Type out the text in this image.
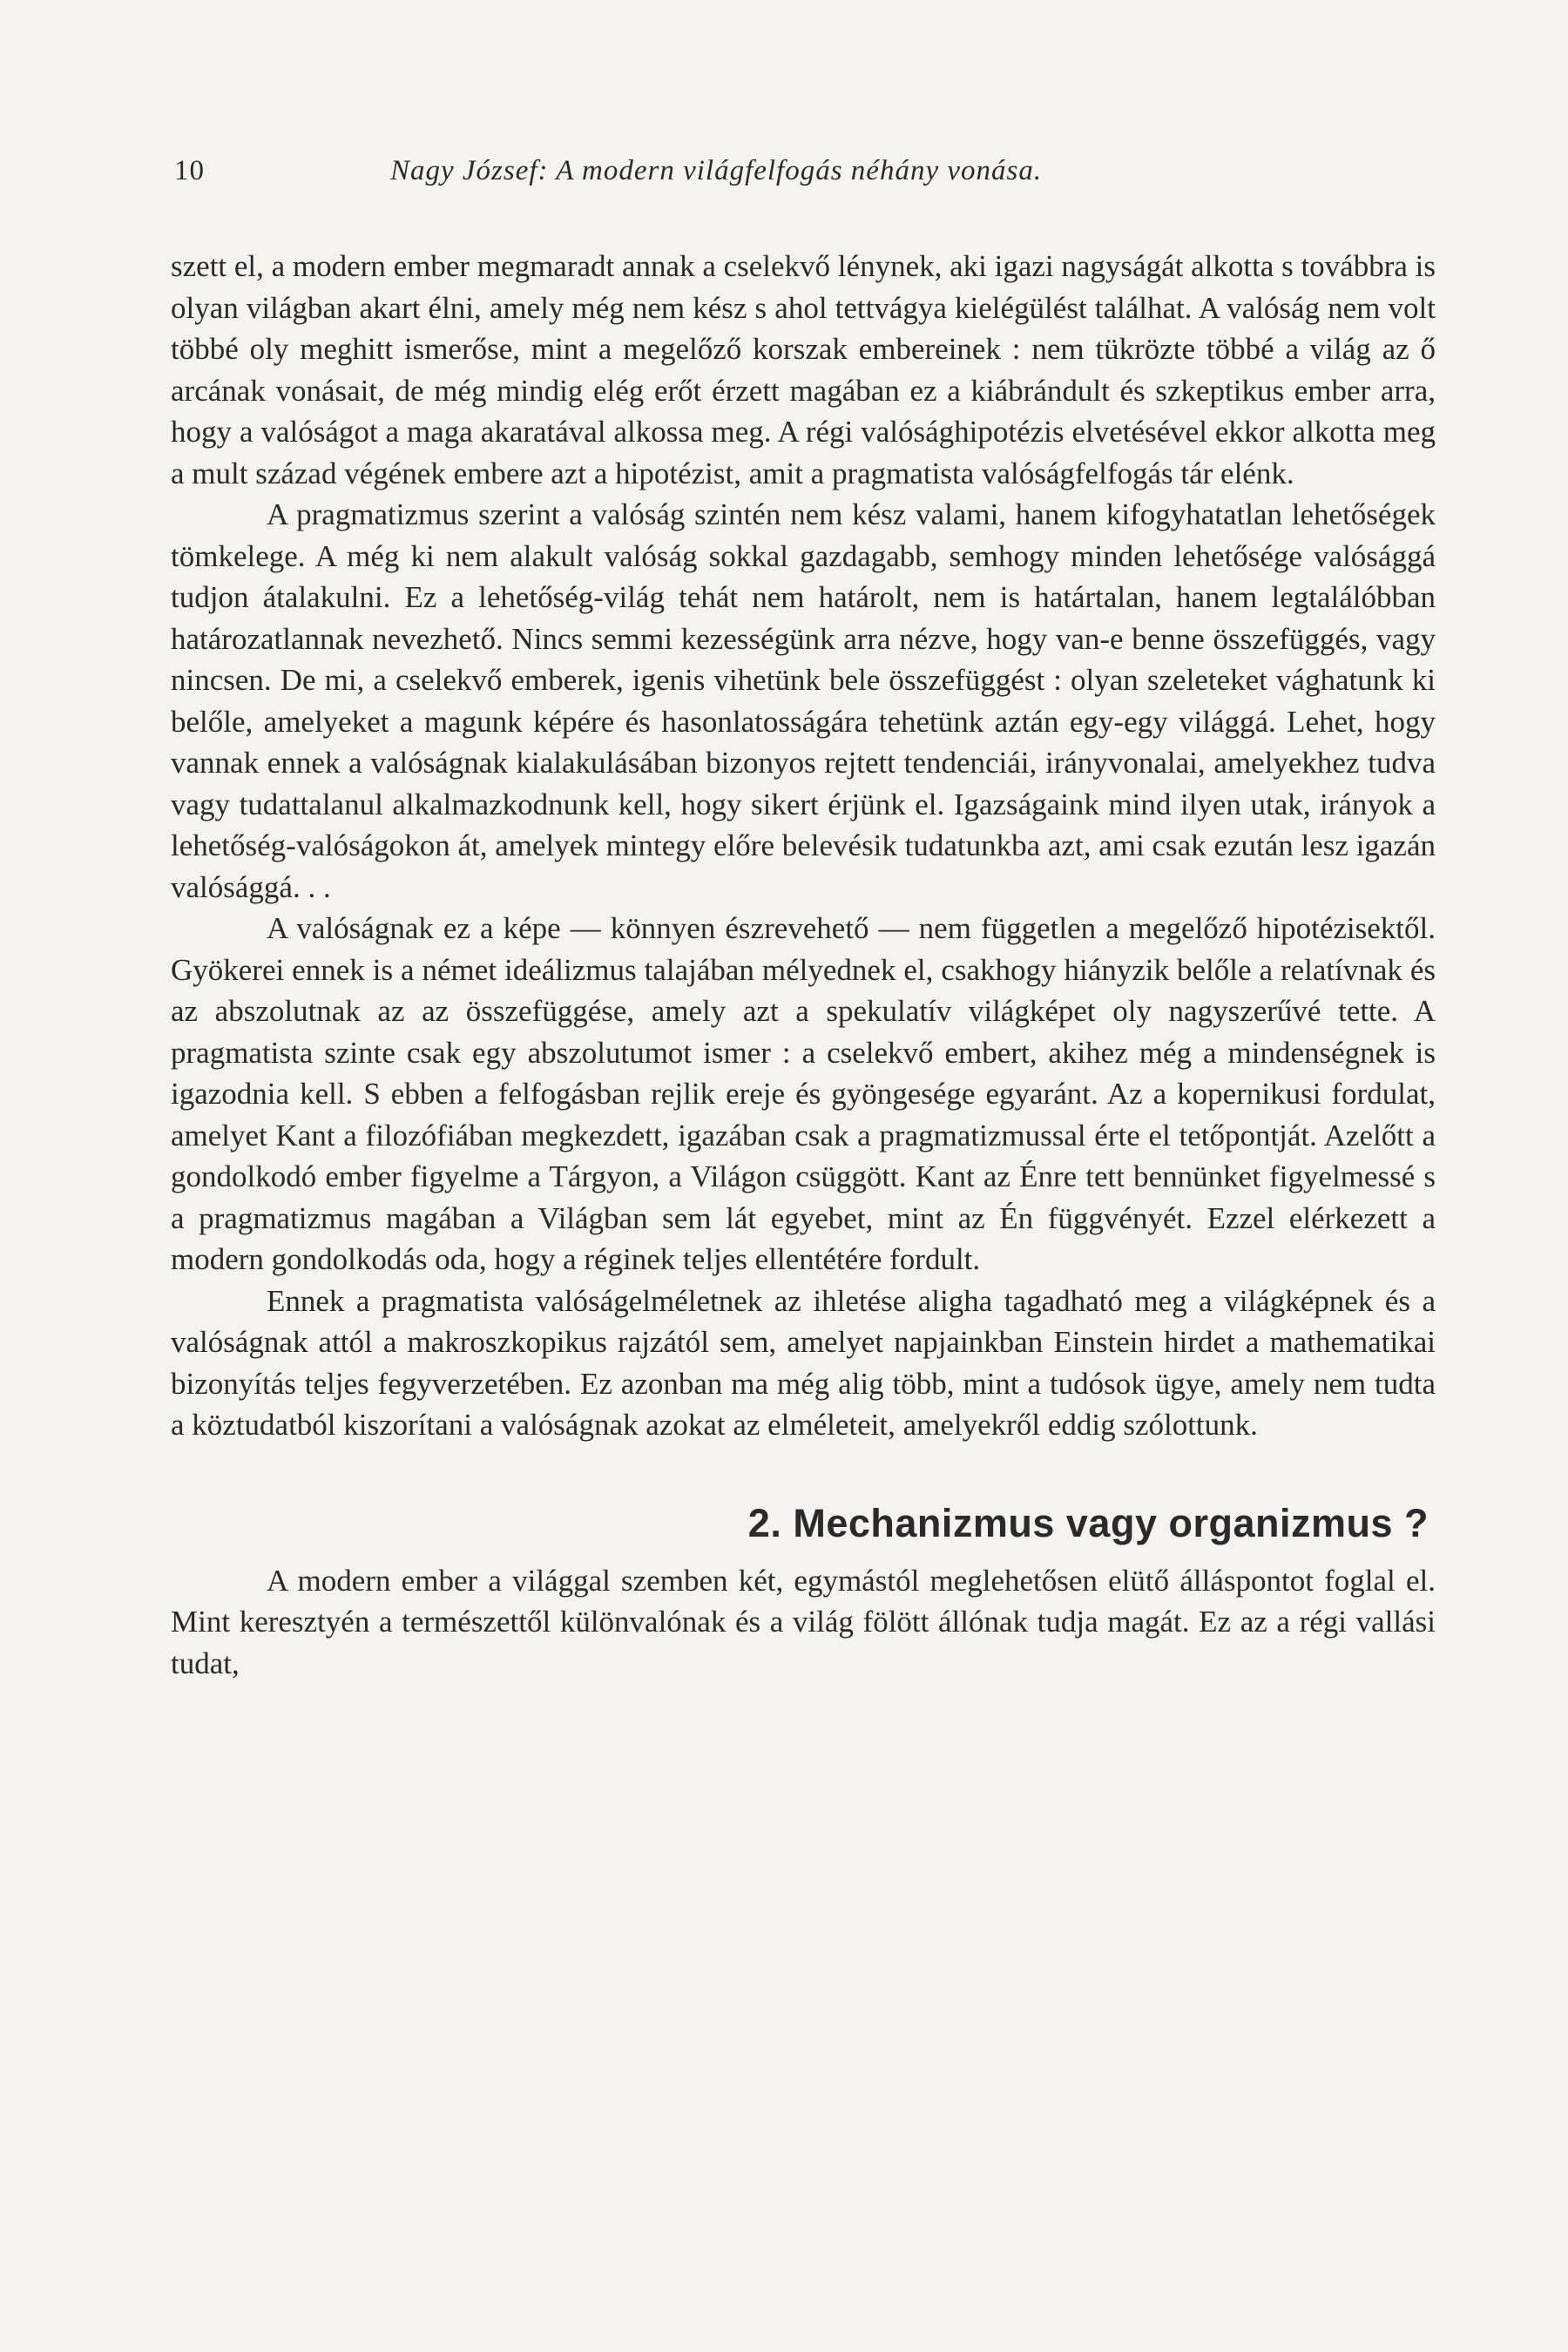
10	Nagy József: A modern világfelfogás néhány vonása.

szett el, a modern ember megmaradt annak a cselekvő lénynek, aki igazi nagyságát alkotta s továbbra is olyan világban akart élni, amely még nem kész s ahol tettvágya kielégülést találhat. A valóság nem volt többé oly meghitt ismerőse, mint a megelőző korszak embereinek : nem tükrözte többé a világ az ő arcának vonásait, de még mindig elég erőt érzett magában ez a kiábrándult és szkeptikus ember arra, hogy a valóságot a maga akaratával alkossa meg. A régi valósághipotézis elvetésével ekkor alkotta meg a mult század végének embere azt a hipotézist, amit a pragmatista valóságfelfogás tár elénk.

A pragmatizmus szerint a valóság szintén nem kész valami, hanem kifogyhatatlan lehetőségek tömkelege. A még ki nem alakult valóság sokkal gazdagabb, semhogy minden lehetősége valósággá tudjon átalakulni. Ez a lehetőség-világ tehát nem határolt, nem is határtalan, hanem legtalálóbban határozatlannak nevezhető. Nincs semmi kezességünk arra nézve, hogy van-e benne összefüggés, vagy nincsen. De mi, a cselekvő emberek, igenis vihetünk bele összefüggést : olyan szeleteket vághatunk ki belőle, amelyeket a magunk képére és hasonlatosságára tehetünk aztán egy-egy világgá. Lehet, hogy vannak ennek a valóságnak kialakulásában bizonyos rejtett tendenciái, irányvonalai, amelyekhez tudva vagy tudattalanul alkalmazkodnunk kell, hogy sikert érjünk el. Igazságaink mind ilyen utak, irányok a lehetőség-valóságokon át, amelyek mintegy előre belevésik tudatunkba azt, ami csak ezután lesz igazán valósággá. . .

A valóságnak ez a képe — könnyen észrevehető — nem független a megelőző hipotézisektől. Gyökerei ennek is a német ideálizmus talajában mélyednek el, csakhogy hiányzik belőle a relatívnak és az abszolutnak az az összefüggése, amely azt a spekulatív világképet oly nagyszerűvé tette. A pragmatista szinte csak egy abszolutumot ismer : a cselekvő embert, akihez még a mindenségnek is igazodnia kell. S ebben a felfogásban rejlik ereje és gyöngesége egyaránt. Az a kopernikusi fordulat, amelyet Kant a filozófiában megkezdett, igazában csak a pragmatizmussal érte el tetőpontját. Azelőtt a gondolkodó ember figyelme a Tárgyon, a Világon csüggött. Kant az Énre tett bennünket figyelmessé s a pragmatizmus magában a Világban sem lát egyebet, mint az Én függvényét. Ezzel elérkezett a modern gondolkodás oda, hogy a réginek teljes ellentétére fordult.

Ennek a pragmatista valóságelméletnek az ihletése aligha tagadható meg a világképnek és a valóságnak attól a makroszkopikus rajzától sem, amelyet napjainkban Einstein hirdet a mathematikai bizonyítás teljes fegyverzetében. Ez azonban ma még alig több, mint a tudósok ügye, amely nem tudta a köztudatból kiszorítani a valóságnak azokat az elméleteit, amelyekről eddig szólottunk.

2. Mechanizmus vagy organizmus ?

A modern ember a világgal szemben két, egymástól meglehetősen elütő álláspontot foglal el. Mint keresztyén a természettől különvalónak és a világ fölött állónak tudja magát. Ez az a régi vallási tudat,
